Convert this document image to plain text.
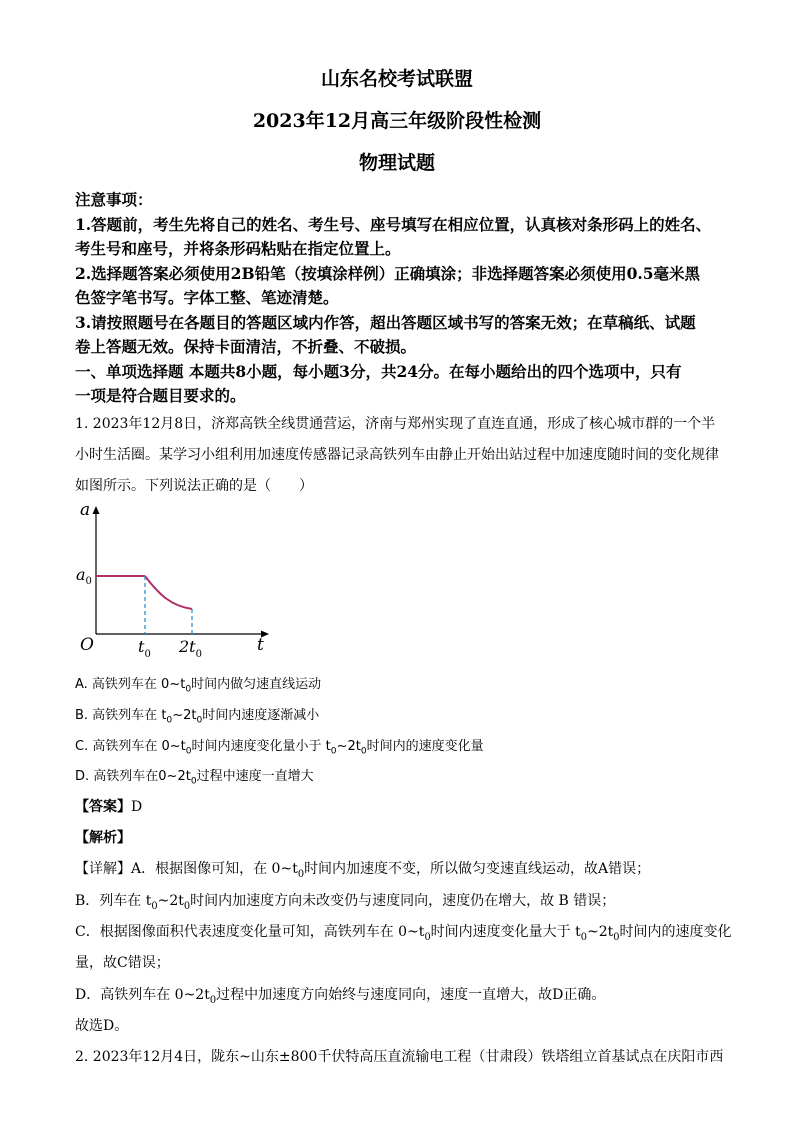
山东名校考试联盟
2023年12月高三年级阶段性检测
物理试题
注意事项：
1.答题前，考生先将自己的姓名、考生号、座号填写在相应位置，认真核对条形码上的姓名、
考生号和座号，并将条形码粘贴在指定位置上。
2.选择题答案必须使用2B铅笔（按填涂样例）正确填涂；非选择题答案必须使用0.5毫米黑
色签字笔书写。字体工整、笔迹清楚。
3.请按照题号在各题目的答题区域内作答，超出答题区域书写的答案无效；在草稿纸、试题
卷上答题无效。保持卡面清洁，不折叠、不破损。
一、单项选择题 本题共8小题，每小题3分，共24分。在每小题给出的四个选项中，只有
一项是符合题目要求的。
1. 2023年12月8日，济郑高铁全线贯通营运，济南与郑州实现了直连直通，形成了核心城市群的一个半
小时生活圈。某学习小组利用加速度传感器记录高铁列车由静止开始出站过程中加速度随时间的变化规律
如图所示。下列说法正确的是（　　）
a
t
O
$a_0$
$t_0$ $2t_0$
A. 高铁列车在 $0\sim t_0$时间内做匀速直线运动
B. 高铁列车在 $t_0\sim 2t_0$时间内速度逐渐减小
C. 高铁列车在 $0\sim t_0$时间内速度变化量小于 $t_0\sim 2t_0$时间内的速度变化量
D. 高铁列车在$0\sim 2t_0$过程中速度一直增大
【答案】D
【解析】
【详解】A．根据图像可知，在 $0\sim t_0$时间内加速度不变，所以做匀变速直线运动，故A错误；
B．列车在 $t_0\sim 2t_0$时间内加速度方向未改变仍与速度同向，速度仍在增大，故 B 错误；
C．根据图像面积代表速度变化量可知，高铁列车在 $0\sim t_0$时间内速度变化量大于 $t_0\sim 2t_0$时间内的速度变化
量，故C错误；
D．高铁列车在 $0\sim 2t_0$过程中加速度方向始终与速度同向，速度一直增大，故D正确。
故选D。
2. 2023年12月4日，陇东~山东±800千伏特高压直流输电工程（甘肃段）铁塔组立首基试点在庆阳市西
